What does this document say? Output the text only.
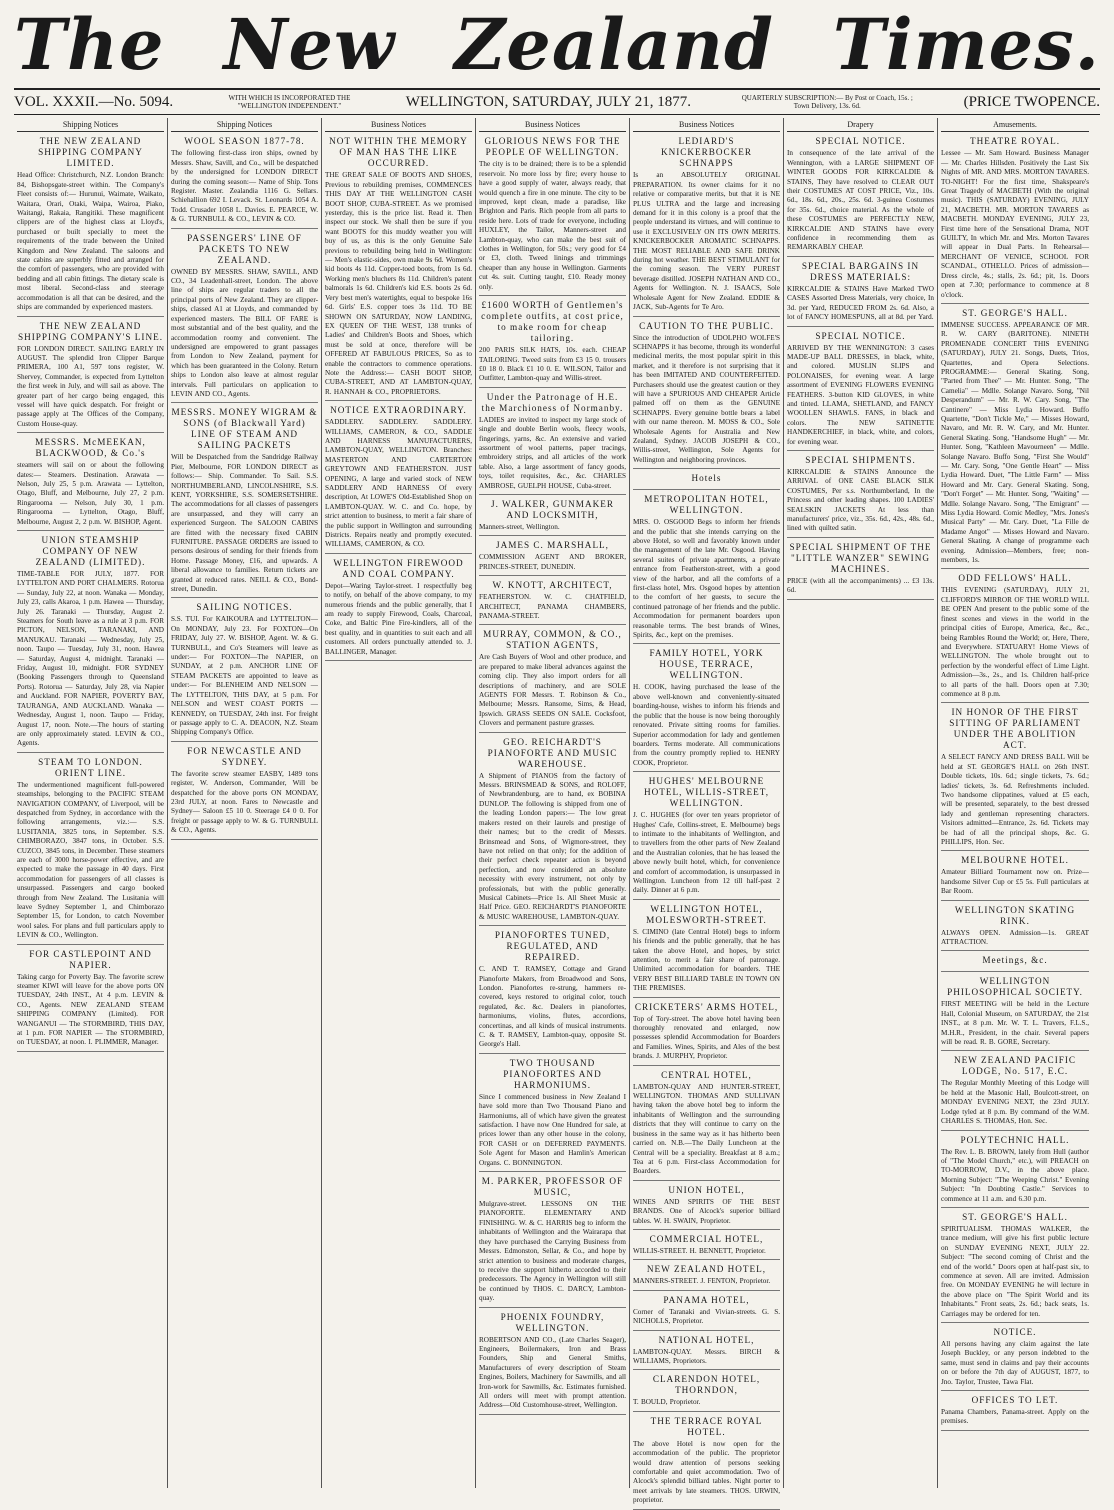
The New Zealand Times.
VOL. XXXII.—No. 5094.	WITH WHICH IS INCORPORATED THE "WELLINGTON INDEPENDENT."	WELLINGTON, SATURDAY, JULY 21, 1877.	QUARTERLY SUBSCRIPTION:— By Post or Coach, 15s. ; Town Delivery, 13s. 6d.	(PRICE TWOPENCE.
Shipping Notices
THE NEW ZEALAND SHIPPING COMPANY LIMITED.
Head Office: Christchurch, N.Z. London Branch: 84, Bishopsgate-street within. The Company's Fleet consists of:— Hurunui, Waimate, Waikato, Waitara, Orari, Otaki, Waipa, Wairoa, Piako, Waitangi, Rakaia, Rangitiki. These magnificent clippers are of the highest class at Lloyd's, purchased or built specially to meet the requirements of the trade between the United Kingdom and New Zealand. The saloons and state cabins are superbly fitted and arranged for the comfort of passengers, who are provided with bedding and all cabin fittings. The dietary scale is most liberal. Second-class and steerage accommodation is all that can be desired, and the ships are commanded by experienced masters.
THE NEW ZEALAND SHIPPING COMPANY'S LINE.
FOR LONDON DIRECT. SAILING EARLY IN AUGUST. The splendid Iron Clipper Barque PRIMERA, 100 A1, 597 tons register, W. Shervey, Commander, is expected from Lyttelton the first week in July, and will sail as above. The greater part of her cargo being engaged, this vessel will have quick despatch. For freight or passage apply at The Offices of the Company, Custom House-quay.
MESSRS. McMEEKAN, BLACKWOOD, & Co.'s
steamers will sail on or about the following dates:— Steamers. Destination. Arawata — Nelson, July 25, 5 p.m. Arawata — Lyttelton, Otago, Bluff, and Melbourne, July 27, 2 p.m. Ringarooma — Nelson, July 30, 1 p.m. Ringarooma — Lyttelton, Otago, Bluff, Melbourne, August 2, 2 p.m. W. BISHOP, Agent.
UNION STEAMSHIP COMPANY OF NEW ZEALAND (LIMITED).
TIME-TABLE FOR JULY, 1877. FOR LYTTELTON AND PORT CHALMERS. Rotorua — Sunday, July 22, at noon. Wanaka — Monday, July 23, calls Akaroa, 1 p.m. Hawea — Thursday, July 26. Taranaki — Thursday, August 2. Steamers for South leave as a rule at 3 p.m. FOR PICTON, NELSON, TARANAKI, AND MANUKAU. Taranaki — Wednesday, July 25, noon. Taupo — Tuesday, July 31, noon. Hawea — Saturday, August 4, midnight. Taranaki — Friday, August 10, midnight. FOR SYDNEY (Booking Passengers through to Queensland Ports). Rotorua — Saturday, July 28, via Napier and Auckland. FOR NAPIER, POVERTY BAY, TAURANGA, AND AUCKLAND. Wanaka — Wednesday, August 1, noon. Taupo — Friday, August 17, noon. Note.—The hours of starting are only approximately stated. LEVIN & CO., Agents.
STEAM TO LONDON. ORIENT LINE.
The undermentioned magnificent full-powered steamships, belonging to the PACIFIC STEAM NAVIGATION COMPANY, of Liverpool, will be despatched from Sydney, in accordance with the following arrangements, viz.:— S.S. LUSITANIA, 3825 tons, in September. S.S. CHIMBORAZO, 3847 tons, in October. S.S. CUZCO, 3845 tons, in December. These steamers are each of 3000 horse-power effective, and are expected to make the passage in 40 days. First accommodation for passengers of all classes is unsurpassed. Passengers and cargo booked through from New Zealand. The Lusitania will leave Sydney September 1, and Chimborazo September 15, for London, to catch November wool sales. For plans and full particulars apply to LEVIN & CO., Wellington.
FOR CASTLEPOINT AND NAPIER.
Taking cargo for Poverty Bay. The favorite screw steamer KIWI will leave for the above ports ON TUESDAY, 24th INST., At 4 p.m. LEVIN & CO., Agents. NEW ZEALAND STEAM SHIPPING COMPANY (Limited). FOR WANGANUI — The STORMBIRD, THIS DAY, at 1 p.m. FOR NAPIER — The STORMBIRD, on TUESDAY, at noon. I. PLIMMER, Manager.
Shipping Notices
WOOL SEASON 1877-78.
The following first-class iron ships, owned by Messrs. Shaw, Savill, and Co., will be despatched by the undersigned for LONDON DIRECT during the coming season:— Name of Ship. Tons Register. Master. Zealandia 1116 G. Sellars. Schiehallion 692 I. Levack. St. Leonards 1054 A. Todd. Crusader 1058 L. Davies. E. PEARCE, W. & G. TURNBULL & CO., LEVIN & CO.
PASSENGERS' LINE OF PACKETS TO NEW ZEALAND.
OWNED BY MESSRS. SHAW, SAVILL, AND CO., 34 Leadenhall-street, London. The above line of ships are regular traders to all the principal ports of New Zealand. They are clipper-ships, classed A1 at Lloyds, and commanded by experienced masters. The BILL OF FARE is most substantial and of the best quality, and the accommodation roomy and convenient. The undersigned are empowered to grant passages from London to New Zealand, payment for which has been guaranteed in the Colony. Return ships to London also leave at almost regular intervals. Full particulars on application to LEVIN AND CO., Agents.
MESSRS. MONEY WIGRAM & SONS (of Blackwall Yard) LINE OF STEAM AND SAILING PACKETS
Will be Despatched from the Sandridge Railway Pier, Melbourne, FOR LONDON DIRECT as follows:— Ship. Commander. To Sail. S.S. NORTHUMBERLAND, LINCOLNSHIRE, S.S. KENT, YORKSHIRE, S.S. SOMERSETSHIRE. The accommodations for all classes of passengers are unsurpassed, and they will carry an experienced Surgeon. The SALOON CABINS are fitted with the necessary fixed CABIN FURNITURE. PASSAGE ORDERS are issued to persons desirous of sending for their friends from Home. Passage Money, £16, and upwards. A liberal allowance to families. Return tickets are granted at reduced rates. NEILL & CO., Bond-street, Dunedin.
SAILING NOTICES.
S.S. TUI. For KAIKOURA and LYTTELTON—On MONDAY, July 23. For FOXTON—On FRIDAY, July 27. W. BISHOP, Agent. W. & G. TURNBULL, and Co's Steamers will leave as under:— For FOXTON—The NAPIER, on SUNDAY, at 2 p.m. ANCHOR LINE OF STEAM PACKETS are appointed to leave as under:— For BLENHEIM AND NELSON — The LYTTELTON, THIS DAY, at 5 p.m. For NELSON and WEST COAST PORTS —KENNEDY, on TUESDAY, 24th inst. For freight or passage apply to C. A. DEACON, N.Z. Steam Shipping Company's Office.
FOR NEWCASTLE AND SYDNEY.
The favorite screw steamer EASBY, 1489 tons register, W. Anderson, Commander, Will be despatched for the above ports ON MONDAY, 23rd JULY, at noon. Fares to Newcastle and Sydney— Saloon £5 10 0. Steerage £4 0 0. For freight or passage apply to W. & G. TURNBULL & CO., Agents.
Business Notices
NOT WITHIN THE MEMORY OF MAN HAS THE LIKE OCCURRED.
THE GREAT SALE OF BOOTS AND SHOES, Previous to rebuilding premises, COMMENCES THIS DAY AT THE WELLINGTON CASH BOOT SHOP, CUBA-STREET. As we promised yesterday, this is the price list. Read it. Then inspect our stock. We shall then be sure if you want BOOTS for this muddy weather you will buy of us, as this is the only Genuine Sale previous to rebuilding being held in Wellington:— Men's elastic-sides, own make 9s 6d. Women's kid boots 4s 11d. Copper-toed boots, from 1s 6d. Working men's bluchers 8s 11d. Children's patent balmorals 1s 6d. Children's kid E.S. boots 2s 6d. Very best men's watertights, equal to bespoke 16s 6d. Girls' E.S. copper toes 3s 11d. TO BE SHOWN ON SATURDAY, NOW LANDING, EX QUEEN OF THE WEST, 138 trunks of Ladies' and Children's Boots and Shoes, which must be sold at once, therefore will be OFFERED AT FABULOUS PRICES, So as to enable the contractors to commence operations. Note the Address:— CASH BOOT SHOP, CUBA-STREET, AND AT LAMBTON-QUAY, R. HANNAH & CO., PROPRIETORS.
NOTICE EXTRAORDINARY.
SADDLERY. SADDLERY. SADDLERY. WILLIAMS, CAMERON, & CO., SADDLE AND HARNESS MANUFACTURERS, LAMBTON-QUAY, WELLINGTON. Branches: MASTERTON AND CARTERTON GREYTOWN AND FEATHERSTON. JUST OPENING, A large and varied stock of NEW SADDLERY AND HARNESS Of every description, At LOWE'S Old-Established Shop on LAMBTON-QUAY. W. C. and Co. hope, by strict attention to business, to merit a fair share of the public support in Wellington and surrounding Districts. Repairs neatly and promptly executed. WILLIAMS, CAMERON, & CO.
WELLINGTON FIREWOOD AND COAL COMPANY.
Depot—Waring Taylor-street. I respectfully beg to notify, on behalf of the above company, to my numerous friends and the public generally, that I am ready to supply Firewood, Coals, Charcoal, Coke, and Baltic Pine Fire-kindlers, all of the best quality, and in quantities to suit each and all customers. All orders punctually attended to. J. BALLINGER, Manager.
Business Notices
GLORIOUS NEWS FOR THE PEOPLE OF WELLINGTON.
The city is to be drained; there is to be a splendid reservoir. No more loss by fire; every house to have a good supply of water, always ready, that would quench a fire in one minute. The city to be improved, kept clean, made a paradise, like Brighton and Paris. Rich people from all parts to reside here. Lots of trade for everyone, including HUXLEY, the Tailor, Manners-street and Lambton-quay, who can make the best suit of clothes in Wellington, for 50s.; very good for £4 or £3, cloth. Tweed linings and trimmings cheaper than any house in Wellington. Garments cut 4s. suit. Cutting taught, £10. Ready money only.
£1600 WORTH of Gentlemen's complete outfits, at cost price, to make room for cheap tailoring.
200 PARIS SILK HATS, 10s. each. CHEAP TAILORING. Tweed suits from £3 15 0. trousers £0 18 0. Black £1 10 0. E. WILSON, Tailor and Outfitter, Lambton-quay and Willis-street.
Under the Patronage of H.E. the Marchioness of Normanby.
LADIES are invited to inspect my large stock of single and double Berlin wools, fleecy wools, fingerings, yarns, &c. An extensive and varied assortment of wool patterns, paper tracings, embroidery strips, and all articles of the work table. Also, a large assortment of fancy goods, toys, toilet requisites, &c., &c. CHARLES AMBROSE, GUELPH HOUSE, Cuba-street.
J. WALKER, GUNMAKER AND LOCKSMITH,
Manners-street, Wellington.
JAMES C. MARSHALL,
COMMISSION AGENT AND BROKER, PRINCES-STREET, DUNEDIN.
W. KNOTT, ARCHITECT,
FEATHERSTON. W. C. CHATFIELD, ARCHITECT, PANAMA CHAMBERS, PANAMA-STREET.
MURRAY, COMMON, & CO., STATION AGENTS,
Are Cash Buyers of Wool and other produce, and are prepared to make liberal advances against the coming clip. They also import orders for all descriptions of machinery, and are SOLE AGENTS FOR Messrs. T. Robinson & Co., Melbourne; Messrs. Ransome, Sims, & Head, Ipswich. GRASS SEEDS ON SALE. Cocksfoot, Clovers and permanent pasture grasses.
GEO. REICHARDT'S PIANOFORTE AND MUSIC WAREHOUSE.
A Shipment of PIANOS from the factory of Messrs. BRINSMEAD & SONS, and ROLOFF, of Newbrandenburg, are to hand, ex BOBINA DUNLOP. The following is shipped from one of the leading London papers:— The low great makers rested on their laurels and prestige of their names; but to the credit of Messrs. Brinsmead and Sons, of Wigmore-street, they have not relied on that only; for the addition of their perfect check repeater action is beyond perfection, and now considered an absolute necessity with every instrument, not only by professionals, but with the public generally. Musical Cabinets—Price 1s. All Sheet Music at Half Price. GEO. REICHARDT'S PIANOFORTE & MUSIC WAREHOUSE, LAMBTON-QUAY.
PIANOFORTES TUNED, REGULATED, AND REPAIRED.
C. AND T. RAMSEY, Cottage and Grand Pianoforte Makers, from Broadwood and Sons, London. Pianofortes re-strung, hammers re-covered, keys restored to original color, touch regulated, &c. &c. Dealers in pianofortes, harmoniums, violins, flutes, accordions, concertinas, and all kinds of musical instruments. C. & T. RAMSEY, Lambton-quay, opposite St. George's Hall.
TWO THOUSAND PIANOFORTES AND HARMONIUMS.
Since I commenced business in New Zealand I have sold more than Two Thousand Piano and Harmoniums, all of which have given the greatest satisfaction. I have now One Hundred for sale, at prices lower than any other house in the colony, FOR CASH or on DEFERRED PAYMENTS. Sole Agent for Mason and Hamlin's American Organs. C. BONNINGTON.
M. PARKER, PROFESSOR OF MUSIC,
Mulgrave-street. LESSONS ON THE PIANOFORTE. ELEMENTARY AND FINISHING. W. & C. HARRIS beg to inform the inhabitants of Wellington and the Wairarapa that they have purchased the Carrying Business from Messrs. Edmonston, Sellar, & Co., and hope by strict attention to business and moderate charges, to receive the support hitherto accorded to their predecessors. The Agency in Wellington will still be continued by THOS. C. DARCY, Lambton-quay.
PHOENIX FOUNDRY, WELLINGTON.
ROBERTSON AND CO., (Late Charles Seager), Engineers, Boilermakers, Iron and Brass Founders, Ship and General Smiths, Manufacturers of every description of Steam Engines, Boilers, Machinery for Sawmills, and all Iron-work for Sawmills, &c. Estimates furnished. All orders will meet with prompt attention. Address—Old Customhouse-street, Wellington.
Business Notices
LEDIARD'S KNICKERBOCKER SCHNAPPS
Is an ABSOLUTELY ORIGINAL PREPARATION. Its owner claims for it no relative or comparative merits, but that it is NE PLUS ULTRA and the large and increasing demand for it in this colony is a proof that the people understand its virtues, and will continue to use it EXCLUSIVELY ON ITS OWN MERITS. KNICKERBOCKER AROMATIC SCHNAPPS. THE MOST RELIABLE AND SAFE DRINK during hot weather. THE BEST STIMULANT for the coming season. The VERY PUREST beverage distilled. JOSEPH NATHAN AND CO., Agents for Wellington. N. J. ISAACS, Sole Wholesale Agent for New Zealand. EDDIE & JACK, Sub-Agents for Te Aro.
CAUTION TO THE PUBLIC.
Since the introduction of UDOLPHO WOLFE'S SCHNAPPS it has become, through its wonderful medicinal merits, the most popular spirit in this market, and it therefore is not surprising that it has been IMITATED AND COUNTERFEITED. Purchasers should use the greatest caution or they will have a SPURIOUS AND CHEAPER Article palmed off on them as the GENUINE SCHNAPPS. Every genuine bottle bears a label with our name thereon. M. MOSS & CO., Sole Wholesale Agents for Australia and New Zealand, Sydney. JACOB JOSEPH & CO., Willis-street, Wellington, Sole Agents for Wellington and neighboring provinces.
Hotels
METROPOLITAN HOTEL, WELLINGTON.
MRS. O. OSGOOD Begs to inform her friends and the public that she intends carrying on the above Hotel, so well and favorably known under the management of the late Mr. Osgood. Having several suites of private apartments, a private entrance from Featherston-street, with a good view of the harbor, and all the comforts of a first-class hotel, Mrs. Osgood hopes by attention to the comfort of her guests, to secure the continued patronage of her friends and the public. Accommodation for permanent boarders upon reasonable terms. The best brands of Wines, Spirits, &c., kept on the premises.
FAMILY HOTEL, YORK HOUSE, TERRACE, WELLINGTON.
H. COOK, having purchased the lease of the above well-known and conveniently-situated boarding-house, wishes to inform his friends and the public that the house is now being thoroughly renovated. Private sitting rooms for families. Superior accommodation for lady and gentlemen boarders. Terms moderate. All communications from the country promptly replied to. HENRY COOK, Proprietor.
HUGHES' MELBOURNE HOTEL, WILLIS-STREET, WELLINGTON.
J. C. HUGHES (for over ten years proprietor of Hughes' Cafe, Collins-street, E. Melbourne) begs to intimate to the inhabitants of Wellington, and to travellers from the other parts of New Zealand and the Australian colonies, that he has leased the above newly built hotel, which, for convenience and comfort of accommodation, is unsurpassed in Wellington. Luncheon from 12 till half-past 2 daily. Dinner at 6 p.m.
WELLINGTON HOTEL, MOLESWORTH-STREET.
S. CIMINO (late Central Hotel) begs to inform his friends and the public generally, that he has taken the above Hotel, and hopes, by strict attention, to merit a fair share of patronage. Unlimited accommodation for boarders. THE VERY BEST BILLIARD TABLE IN TOWN ON THE PREMISES.
CRICKETERS' ARMS HOTEL,
Top of Tory-street. The above hotel having been thoroughly renovated and enlarged, now possesses splendid Accommodation for Boarders and Families. Wines, Spirits, and Ales of the best brands. J. MURPHY, Proprietor.
CENTRAL HOTEL,
LAMBTON-QUAY AND HUNTER-STREET, WELLINGTON. THOMAS AND SULLIVAN having taken the above hotel beg to inform the inhabitants of Wellington and the surrounding districts that they will continue to carry on the business in the same way as it has hitherto been carried on. N.B.—The Daily Luncheon at the Central will be a speciality. Breakfast at 8 a.m.; Tea at 6 p.m. First-class Accommodation for Boarders.
UNION HOTEL,
WINES AND SPIRITS OF THE BEST BRANDS. One of Alcock's superior billiard tables. W. H. SWAIN, Proprietor.
COMMERCIAL HOTEL,
WILLIS-STREET. H. BENNETT, Proprietor.
NEW ZEALAND HOTEL,
MANNERS-STREET. J. FENTON, Proprietor.
PANAMA HOTEL,
Corner of Taranaki and Vivian-streets. G. S. NICHOLLS, Proprietor.
NATIONAL HOTEL,
LAMBTON-QUAY. Messrs. BIRCH & WILLIAMS, Proprietors.
CLARENDON HOTEL, THORNDON,
T. BOULD, Proprietor.
THE TERRACE ROYAL HOTEL.
The above Hotel is now open for the accommodation of the public. The proprietor would draw attention of persons seeking comfortable and quiet accommodation. Two of Alcock's splendid billiard tables. Night porter to meet arrivals by late steamers. THOS. URWIN, proprietor.
Drapery
SPECIAL NOTICE.
In consequence of the late arrival of the Wennington, with a LARGE SHIPMENT OF WINTER GOODS FOR KIRKCALDIE & STAINS, They have resolved to CLEAR OUT their COSTUMES AT COST PRICE, Viz., 10s. 6d., 18s. 6d., 20s., 25s. 6d. 3-guinea Costumes for 35s. 6d., choice material. As the whole of these COSTUMES are PERFECTLY NEW, KIRKCALDIE AND STAINS have every confidence in recommending them as REMARKABLY CHEAP.
SPECIAL BARGAINS IN DRESS MATERIALS:
KIRKCALDIE & STAINS Have Marked TWO CASES Assorted Dress Materials, very choice, In 3d. per Yard, REDUCED FROM 2s. 6d. Also, a lot of FANCY HOMESPUNS, all at 8d. per Yard.
SPECIAL NOTICE.
ARRIVED BY THE WENNINGTON: 3 cases MADE-UP BALL DRESSES, in black, white, and colored. MUSLIN SLIPS and POLONAISES, for evening wear. A large assortment of EVENING FLOWERS EVENING FEATHERS. 3-button KID GLOVES, in white and tinted. LLAMA, SHETLAND, and FANCY WOOLLEN SHAWLS. FANS, in black and colors. The NEW SATINETTE HANDKERCHIEF, in black, white, and colors, for evening wear.
SPECIAL SHIPMENTS.
KIRKCALDIE & STAINS Announce the ARRIVAL of ONE CASE BLACK SILK COSTUMES, Per s.s. Northumberland, In the Princess and other leading shapes. 100 LADIES' SEALSKIN JACKETS At less than manufacturers' price, viz., 35s. 6d., 42s., 48s. 6d., lined with quilted satin.
SPECIAL SHIPMENT OF THE "LITTLE WANZER" SEWING MACHINES.
PRICE (with all the accompaniments) ... £3 13s. 6d.
Amusements.
THEATRE ROYAL.
Lessee — Mr. Sam Howard. Business Manager — Mr. Charles Hillsden. Positively the Last Six Nights of MR. AND MRS. MORTON TAVARES. TO-NIGHT! For the first time, Shakspeare's Great Tragedy of MACBETH (With the original music). THIS (SATURDAY) EVENING, JULY 21, MACBETH. MR. MORTON TAVARES as MACBETH. MONDAY EVENING, JULY 23, First time here of the Sensational Drama, NOT GUILTY, In which Mr. and Mrs. Morton Tavares will appear in Dual Parts. In Rehearsal— MERCHANT OF VENICE, SCHOOL FOR SCANDAL, OTHELLO. Prices of admission—Dress circle, 4s.; stalls, 2s. 6d.; pit, 1s. Doors open at 7.30; performance to commence at 8 o'clock.
ST. GEORGE'S HALL.
IMMENSE SUCCESS. APPEARANCE OF MR. R. W. CARY (BARITONE). NINETH PROMENADE CONCERT THIS EVENING (SATURDAY), JULY 21. Songs, Duets, Trios, Quartettes, and Opera Selections. PROGRAMME:— General Skating. Song, "Parted from Thee" — Mr. Hunter. Song, "The Camelia" — Mdlle. Solange Navaro. Song, "Nil Desperandum" — Mr. R. W. Cary. Song, "The Cantinere" — Miss Lydia Howard. Buffo Quartette, "Don't Tickle Me," — Misses Howard, Navaro, and Mr. R. W. Cary, and Mr. Hunter. General Skating. Song, "Handsome Hugh" — Mr. Hunter. Song, "Kathleen Mavourneen" — Mdlle. Solange Navaro. Buffo Song, "First She Would" — Mr. Cary. Song, "One Gentle Heart" — Miss Lydia Howard. Duet, "The Little Farm" — Miss Howard and Mr. Cary. General Skating. Song, "Don't Forget" — Mr. Hunter. Song, "Waiting" — Mdlle. Solange Navaro. Song, "The Emigrant" — Miss Lydia Howard. Comic Medley, "Mrs. Jones's Musical Party" — Mr. Cary. Duet, "La Fille de Madame Angot" — Misses Howard and Navaro. General Skating. A change of programme each evening. Admission—Members, free; non-members, 1s.
ODD FELLOWS' HALL.
THIS EVENING (SATURDAY), JULY 21, CLIFFORD'S MIRROR OF THE WORLD WILL BE OPEN And present to the public some of the finest scenes and views in the world in the principal cities of Europe, America, &c., &c., being Rambles Round the World; or, Here, There, and Everywhere. STATUARY! Home Views of WELLINGTON. The whole brought out to perfection by the wonderful effect of Lime Light. Admission—3s., 2s., and 1s. Children half-price to all parts of the hall. Doors open at 7.30; commence at 8 p.m.
IN HONOR OF THE FIRST SITTING OF PARLIAMENT UNDER THE ABOLITION ACT.
A SELECT FANCY AND DRESS BALL Will be held at ST. GEORGE'S HALL on 26th INST. Double tickets, 10s. 6d.; single tickets, 7s. 6d.; ladies' tickets, 3s. 6d. Refreshments included. Two handsome clippatines, valued at £5 each, will be presented, separately, to the best dressed lady and gentleman representing characters. Visitors admitted—Entrance, 2s. 6d. Tickets may be had of all the principal shops, &c. G. PHILLIPS, Hon. Sec.
MELBOURNE HOTEL.
Amateur Billiard Tournament now on. Prize—handsome Silver Cup or £5 5s. Full particulars at Bar Room.
WELLINGTON SKATING RINK.
ALWAYS OPEN. Admission—1s. GREAT ATTRACTION.
Meetings, &c.
WELLINGTON PHILOSOPHICAL SOCIETY.
FIRST MEETING will be held in the Lecture Hall, Colonial Museum, on SATURDAY, the 21st INST., at 8 p.m. Mr. W. T. L. Travers, F.L.S., M.H.R., President, in the chair. Several papers will be read. R. B. GORE, Secretary.
NEW ZEALAND PACIFIC LODGE, No. 517, E.C.
The Regular Monthly Meeting of this Lodge will be held at the Masonic Hall, Boulcott-street, on MONDAY EVENING NEXT, the 23rd JULY. Lodge tyled at 8 p.m. By command of the W.M. CHARLES S. THOMAS, Hon. Sec.
POLYTECHNIC HALL.
The Rev. L. B. BROWN, lately from Hull (author of "The Model Church," etc.), will PREACH on TO-MORROW, D.V., in the above place. Morning Subject: "The Weeping Christ." Evening Subject: "In Doubting Castle." Services to commence at 11 a.m. and 6.30 p.m.
ST. GEORGE'S HALL.
SPIRITUALISM. THOMAS WALKER, the trance medium, will give his first public lecture on SUNDAY EVENING NEXT, JULY 22. Subject: "The second coming of Christ and the end of the world." Doors open at half-past six, to commence at seven. All are invited. Admission free. On MONDAY EVENING he will lecture in the above place on "The Spirit World and its Inhabitants." Front seats, 2s. 6d.; back seats, 1s. Carriages may be ordered for ten.
NOTICE.
All persons having any claim against the late Joseph Buckley, or any person indebted to the same, must send in claims and pay their accounts on or before the 7th day of AUGUST, 1877, to Jno. Taylor, Trustee, Tawa Flat.
OFFICES TO LET.
Panama Chambers, Panama-street. Apply on the premises.
